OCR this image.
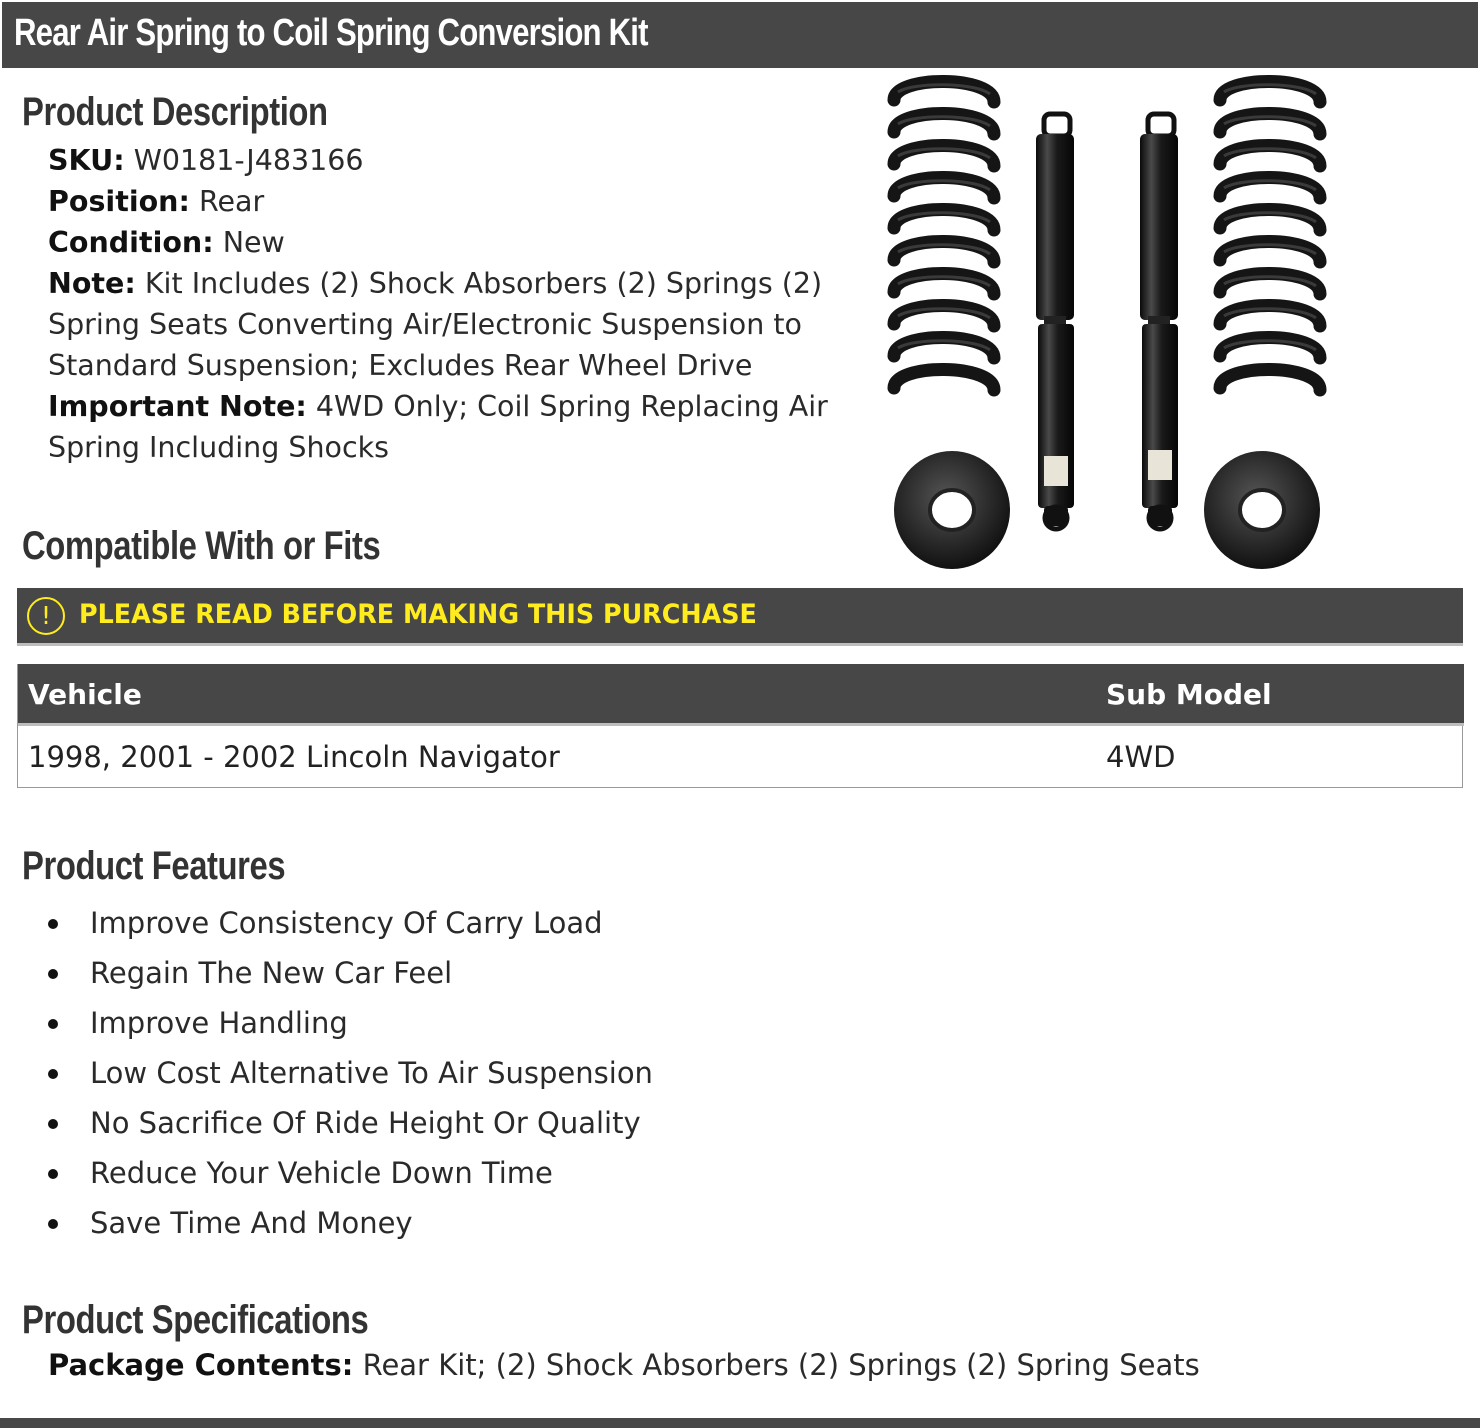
Rear Air Spring to Coil Spring Conversion Kit
Product Description
SKU: W0181-J483166
Position: Rear
Condition: New
Note: Kit Includes (2) Shock Absorbers (2) Springs (2) Spring Seats Converting Air/Electronic Suspension to Standard Suspension; Excludes Rear Wheel Drive
Important Note: 4WD Only; Coil Spring Replacing Air Spring Including Shocks
Compatible With or Fits
!	PLEASE READ BEFORE MAKING THIS PURCHASE
Vehicle	Sub Model
1998, 2001 - 2002 Lincoln Navigator	4WD
Product Features
Improve Consistency Of Carry Load
Regain The New Car Feel
Improve Handling
Low Cost Alternative To Air Suspension
No Sacrifice Of Ride Height Or Quality
Reduce Your Vehicle Down Time
Save Time And Money
Product Specifications
Package Contents: Rear Kit; (2) Shock Absorbers (2) Springs (2) Spring Seats
